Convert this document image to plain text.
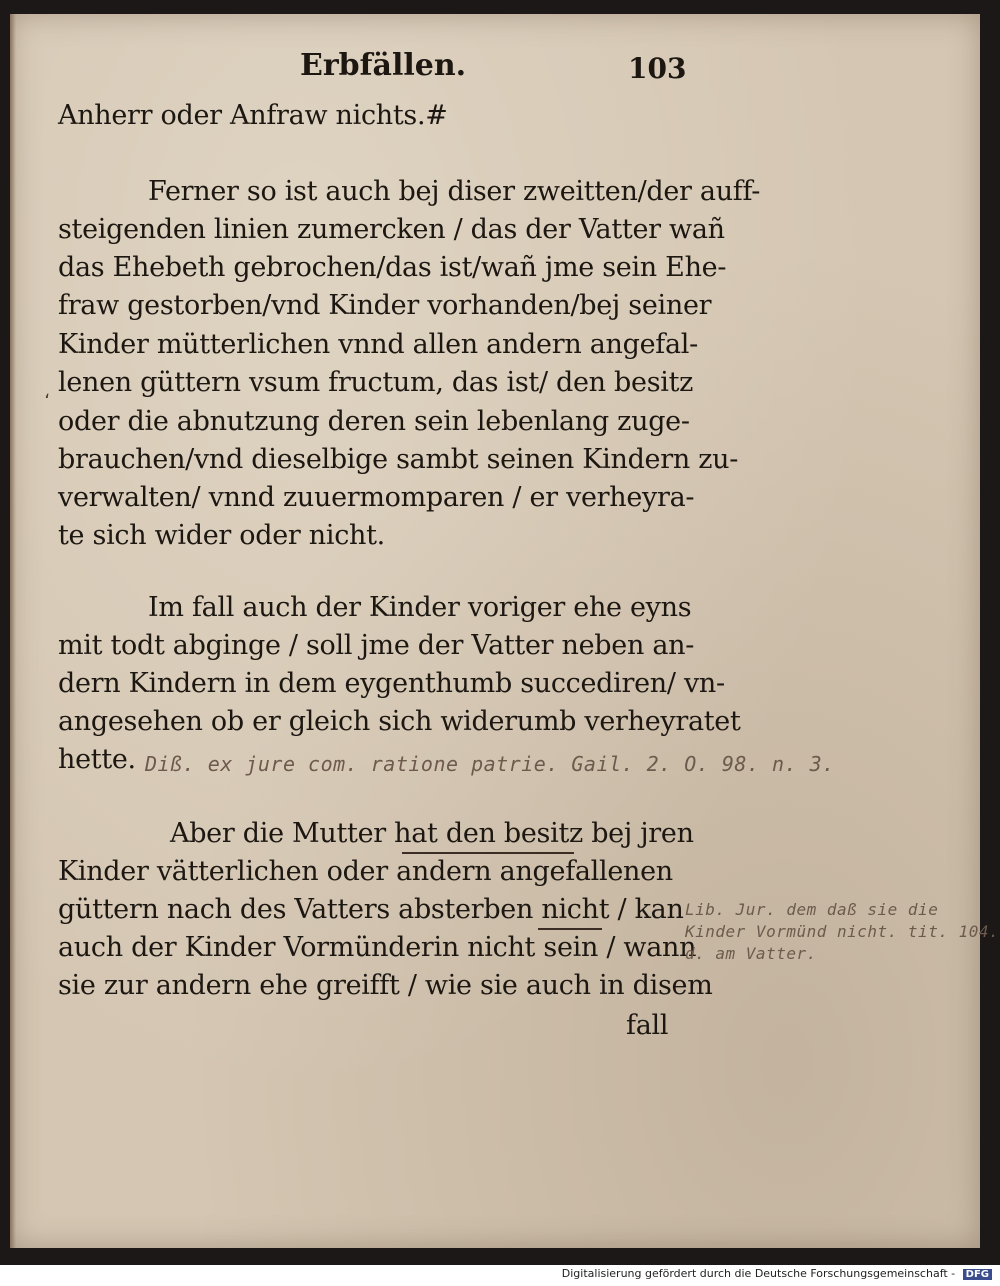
Erbfällen.	103
Anherr oder Anfraw nichts.#
Ferner so ist auch bej diser zweitten/der auff-
steigenden linien zumercken / das der Vatter wañ
das Ehebeth gebrochen/das ist/wañ jme sein Ehe-
fraw gestorben/vnd Kinder vorhanden/bej seiner
Kinder mütterlichen vnnd allen andern angefal-
lenen güttern vsum fructum, das ist/ den besitz
oder die abnutzung deren sein lebenlang zuge-
brauchen/vnd dieselbige sambt seinen Kindern zu-
verwalten/ vnnd zuuermomparen / er verheyra-
te sich wider oder nicht.
Im fall auch der Kinder voriger ehe eyns
mit todt abginge / soll jme der Vatter neben an-
dern Kindern in dem eygenthumb succediren/ vn-
angesehen ob er gleich sich widerumb verheyratet
hette. Diß. ex jure com. ratione patrie. Gail. 2. O. 98. n. 3.
Aber die Mutter hat den besitz bej jren
Kinder vätterlichen oder andern angefallenen
güttern nach des Vatters absterben nicht / kan
auch der Kinder Vormünderin nicht sein / wann
sie zur andern ehe greifft / wie sie auch in disem
fall
Lib. Jur. dem daß sie die
Kinder Vormünd nicht. tit. 104.
d. am Vatter.
،
Digitalisierung gefördert durch die Deutsche Forschungsgemeinschaft - DFG
